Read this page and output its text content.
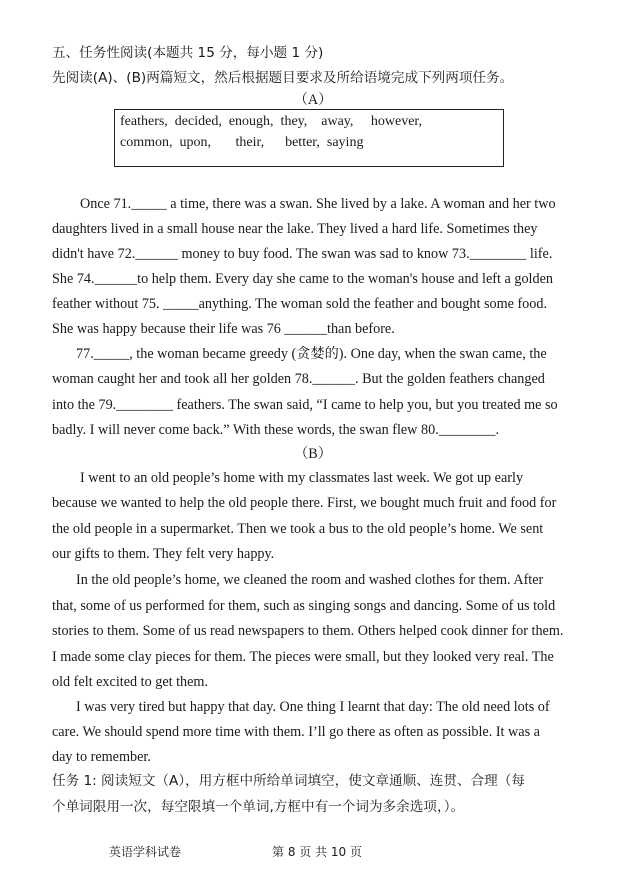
五、任务性阅读(本题共 15 分，每小题 1 分)
先阅读(A)、(B)两篇短文，然后根据题目要求及所给语境完成下列两项任务。
（A）
feathers,  decided,  enough,  they,    away,     however,
common,  upon,       their,      better,  saying
Once 71._____ a time, there was a swan. She lived by a lake. A woman and her two
daughters lived in a small house near the lake. They lived a hard life. Sometimes they
didn't have 72.______ money to buy food. The swan was sad to know 73.________ life.
She 74.______to help them. Every day she came to the woman's house and left a golden
feather without 75. _____anything. The woman sold the feather and bought some food.
She was happy because their life was 76 ______than before.
77._____, the woman became greedy (贪婪的). One day, when the swan came, the
woman caught her and took all her golden 78.______. But the golden feathers changed
into the 79.________ feathers. The swan said, “I came to help you, but you treated me so
badly. I will never come back.” With these words, the swan flew 80.________.
（B）
I went to an old people’s home with my classmates last week. We got up early
because we wanted to help the old people there. First, we bought much fruit and food for
the old people in a supermarket. Then we took a bus to the old people’s home. We sent
our gifts to them. They felt very happy.
In the old people’s home, we cleaned the room and washed clothes for them. After
that, some of us performed for them, such as singing songs and dancing. Some of us told
stories to them. Some of us read newspapers to them. Others helped cook dinner for them.
I made some clay pieces for them. The pieces were small, but they looked very real. The
old felt excited to get them.
I was very tired but happy that day. One thing I learnt that day: The old need lots of
care. We should spend more time with them. I’ll go there as often as possible. It was a
day to remember.
任务 1: 阅读短文（A），用方框中所给单词填空，使文章通顺、连贯、合理（每
个单词限用一次，每空限填一个单词,方框中有一个词为多余选项，）。
英语学科试卷	第 8 页 共 10 页
